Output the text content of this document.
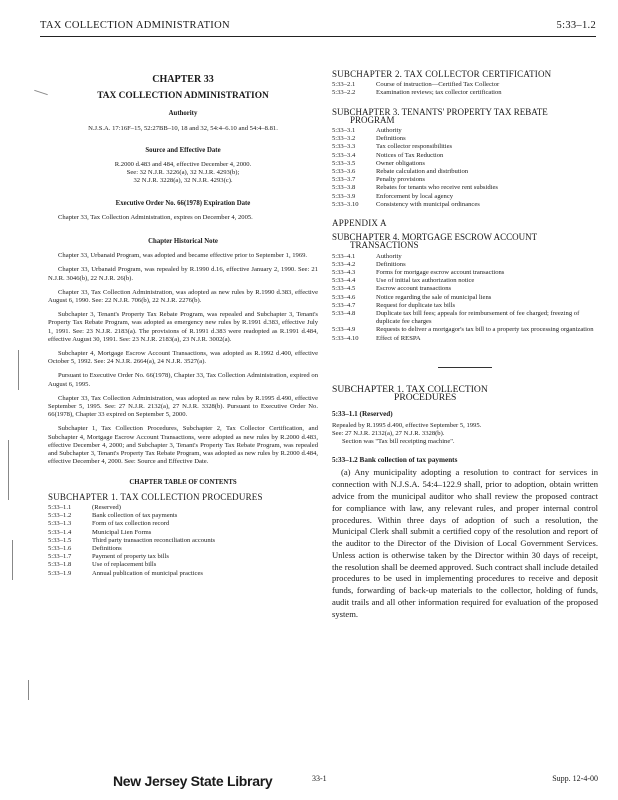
TAX COLLECTION ADMINISTRATION	5:33–1.2
CHAPTER 33
TAX COLLECTION ADMINISTRATION
Authority
N.J.S.A. 17:16F–15, 52:27BB–10, 18 and 32, 54:4–6.10 and 54:4–8.81.
Source and Effective Date
R.2000 d.483 and 484, effective December 4, 2000.
See: 32 N.J.R. 3226(a), 32 N.J.R. 4293(b);
32 N.J.R. 3228(a), 32 N.J.R. 4293(c).
Executive Order No. 66(1978) Expiration Date
Chapter 33, Tax Collection Administration, expires on December 4, 2005.
Chapter Historical Note
Chapter 33, Urbanaid Program, was adopted and became effective prior to September 1, 1969.
Chapter 33, Urbanaid Program, was repealed by R.1990 d.16, effective January 2, 1990. See: 21 N.J.R. 3046(b), 22 N.J.R. 26(b).
Chapter 33, Tax Collection Administration, was adopted as new rules by R.1990 d.383, effective August 6, 1990. See: 22 N.J.R. 706(b), 22 N.J.R. 2276(b).
Subchapter 3, Tenant's Property Tax Rebate Program, was repealed and Subchapter 3, Tenant's Property Tax Rebate Program, was adopted as emergency new rules by R.1991 d.383, effective July 1, 1991. See: 23 N.J.R. 2183(a). The provisions of R.1991 d.383 were readopted as R.1991 d.484, effective August 30, 1991. See: 23 N.J.R. 2183(a), 23 N.J.R. 3002(a).
Subchapter 4, Mortgage Escrow Account Transactions, was adopted as R.1992 d.400, effective October 5, 1992. See: 24 N.J.R. 2664(a), 24 N.J.R. 3527(a).
Pursuant to Executive Order No. 66(1978), Chapter 33, Tax Collection Administration, expired on August 6, 1995.
Chapter 33, Tax Collection Administration, was adopted as new rules by R.1995 d.490, effective September 5, 1995. See: 27 N.J.R. 2132(a), 27 N.J.R. 3328(b). Pursuant to Executive Order No. 66(1978), Chapter 33 expired on September 5, 2000.
Subchapter 1, Tax Collection Procedures, Subchapter 2, Tax Collector Certification, and Subchapter 4, Mortgage Escrow Account Transactions, were adopted as new rules by R.2000 d.483, effective December 4, 2000; and Subchapter 3, Tenant's Property Tax Rebate Program, was repealed and Subchapter 3, Tenant's Property Tax Rebate Program, was adopted as new rules by R.2000 d.484, effective December 4, 2000. See: Source and Effective Date.
CHAPTER TABLE OF CONTENTS
SUBCHAPTER 1. TAX COLLECTION PROCEDURES
5:33–1.1	(Reserved)
5:33–1.2	Bank collection of tax payments
5:33–1.3	Form of tax collection record
5:33–1.4	Municipal Lien Forms
5:33–1.5	Third party transaction reconciliation accounts
5:33–1.6	Definitions
5:33–1.7	Payment of property tax bills
5:33–1.8	Use of replacement bills
5:33–1.9	Annual publication of municipal practices
SUBCHAPTER 2. TAX COLLECTOR CERTIFICATION
5:33–2.1	Course of instruction—Certified Tax Collector
5:33–2.2	Examination reviews; tax collector certification
SUBCHAPTER 3. TENANTS' PROPERTY TAX REBATE
PROGRAM
5:33–3.1	Authority
5:33–3.2	Definitions
5:33–3.3	Tax collector responsibilities
5:33–3.4	Notices of Tax Reduction
5:33–3.5	Owner obligations
5:33–3.6	Rebate calculation and distribution
5:33–3.7	Penalty provisions
5:33–3.8	Rebates for tenants who receive rent subsidies
5:33–3.9	Enforcement by local agency
5:33–3.10	Consistency with municipal ordinances
APPENDIX A
SUBCHAPTER 4. MORTGAGE ESCROW ACCOUNT
TRANSACTIONS
5:33–4.1	Authority
5:33–4.2	Definitions
5:33–4.3	Forms for mortgage escrow account transactions
5:33–4.4	Use of initial tax authorization notice
5:33–4.5	Escrow account transactions
5:33–4.6	Notice regarding the sale of municipal liens
5:33–4.7	Request for duplicate tax bills
5:33–4.8	Duplicate tax bill fees; appeals for reimbursement of fee charged; freezing of duplicate fee charges
5:33–4.9	Requests to deliver a mortgagor's tax bill to a property tax processing organization
5:33–4.10	Effect of RESPA
SUBCHAPTER 1. TAX COLLECTION
PROCEDURES
5:33–1.1 (Reserved)
Repealed by R.1995 d.490, effective September 5, 1995.
See: 27 N.J.R. 2132(a), 27 N.J.R. 3328(b).
Section was "Tax bill receipting machine".
5:33–1.2 Bank collection of tax payments

(a) Any municipality adopting a resolution to contract for services in connection with N.J.S.A. 54:4–122.9 shall, prior to adoption, obtain written advice from the municipal auditor who shall review the proposed contract for compliance with law, any relevant rules, and proper internal control procedures. Within three days of adoption of such a resolution, the Municipal Clerk shall submit a certified copy of the resolution and report of the auditor to the Director of the Division of Local Government Services. Unless action is otherwise taken by the Director within 30 days of receipt, the resolution shall be deemed approved. Such contract shall include detailed procedures to be used in implementing procedures to receive and deposit funds, forwarding of back-up materials to the collector, holding of funds, audit trails and all other information required for evaluation of the proposed system.

New Jersey State Library	33-1	Supp. 12-4-00
